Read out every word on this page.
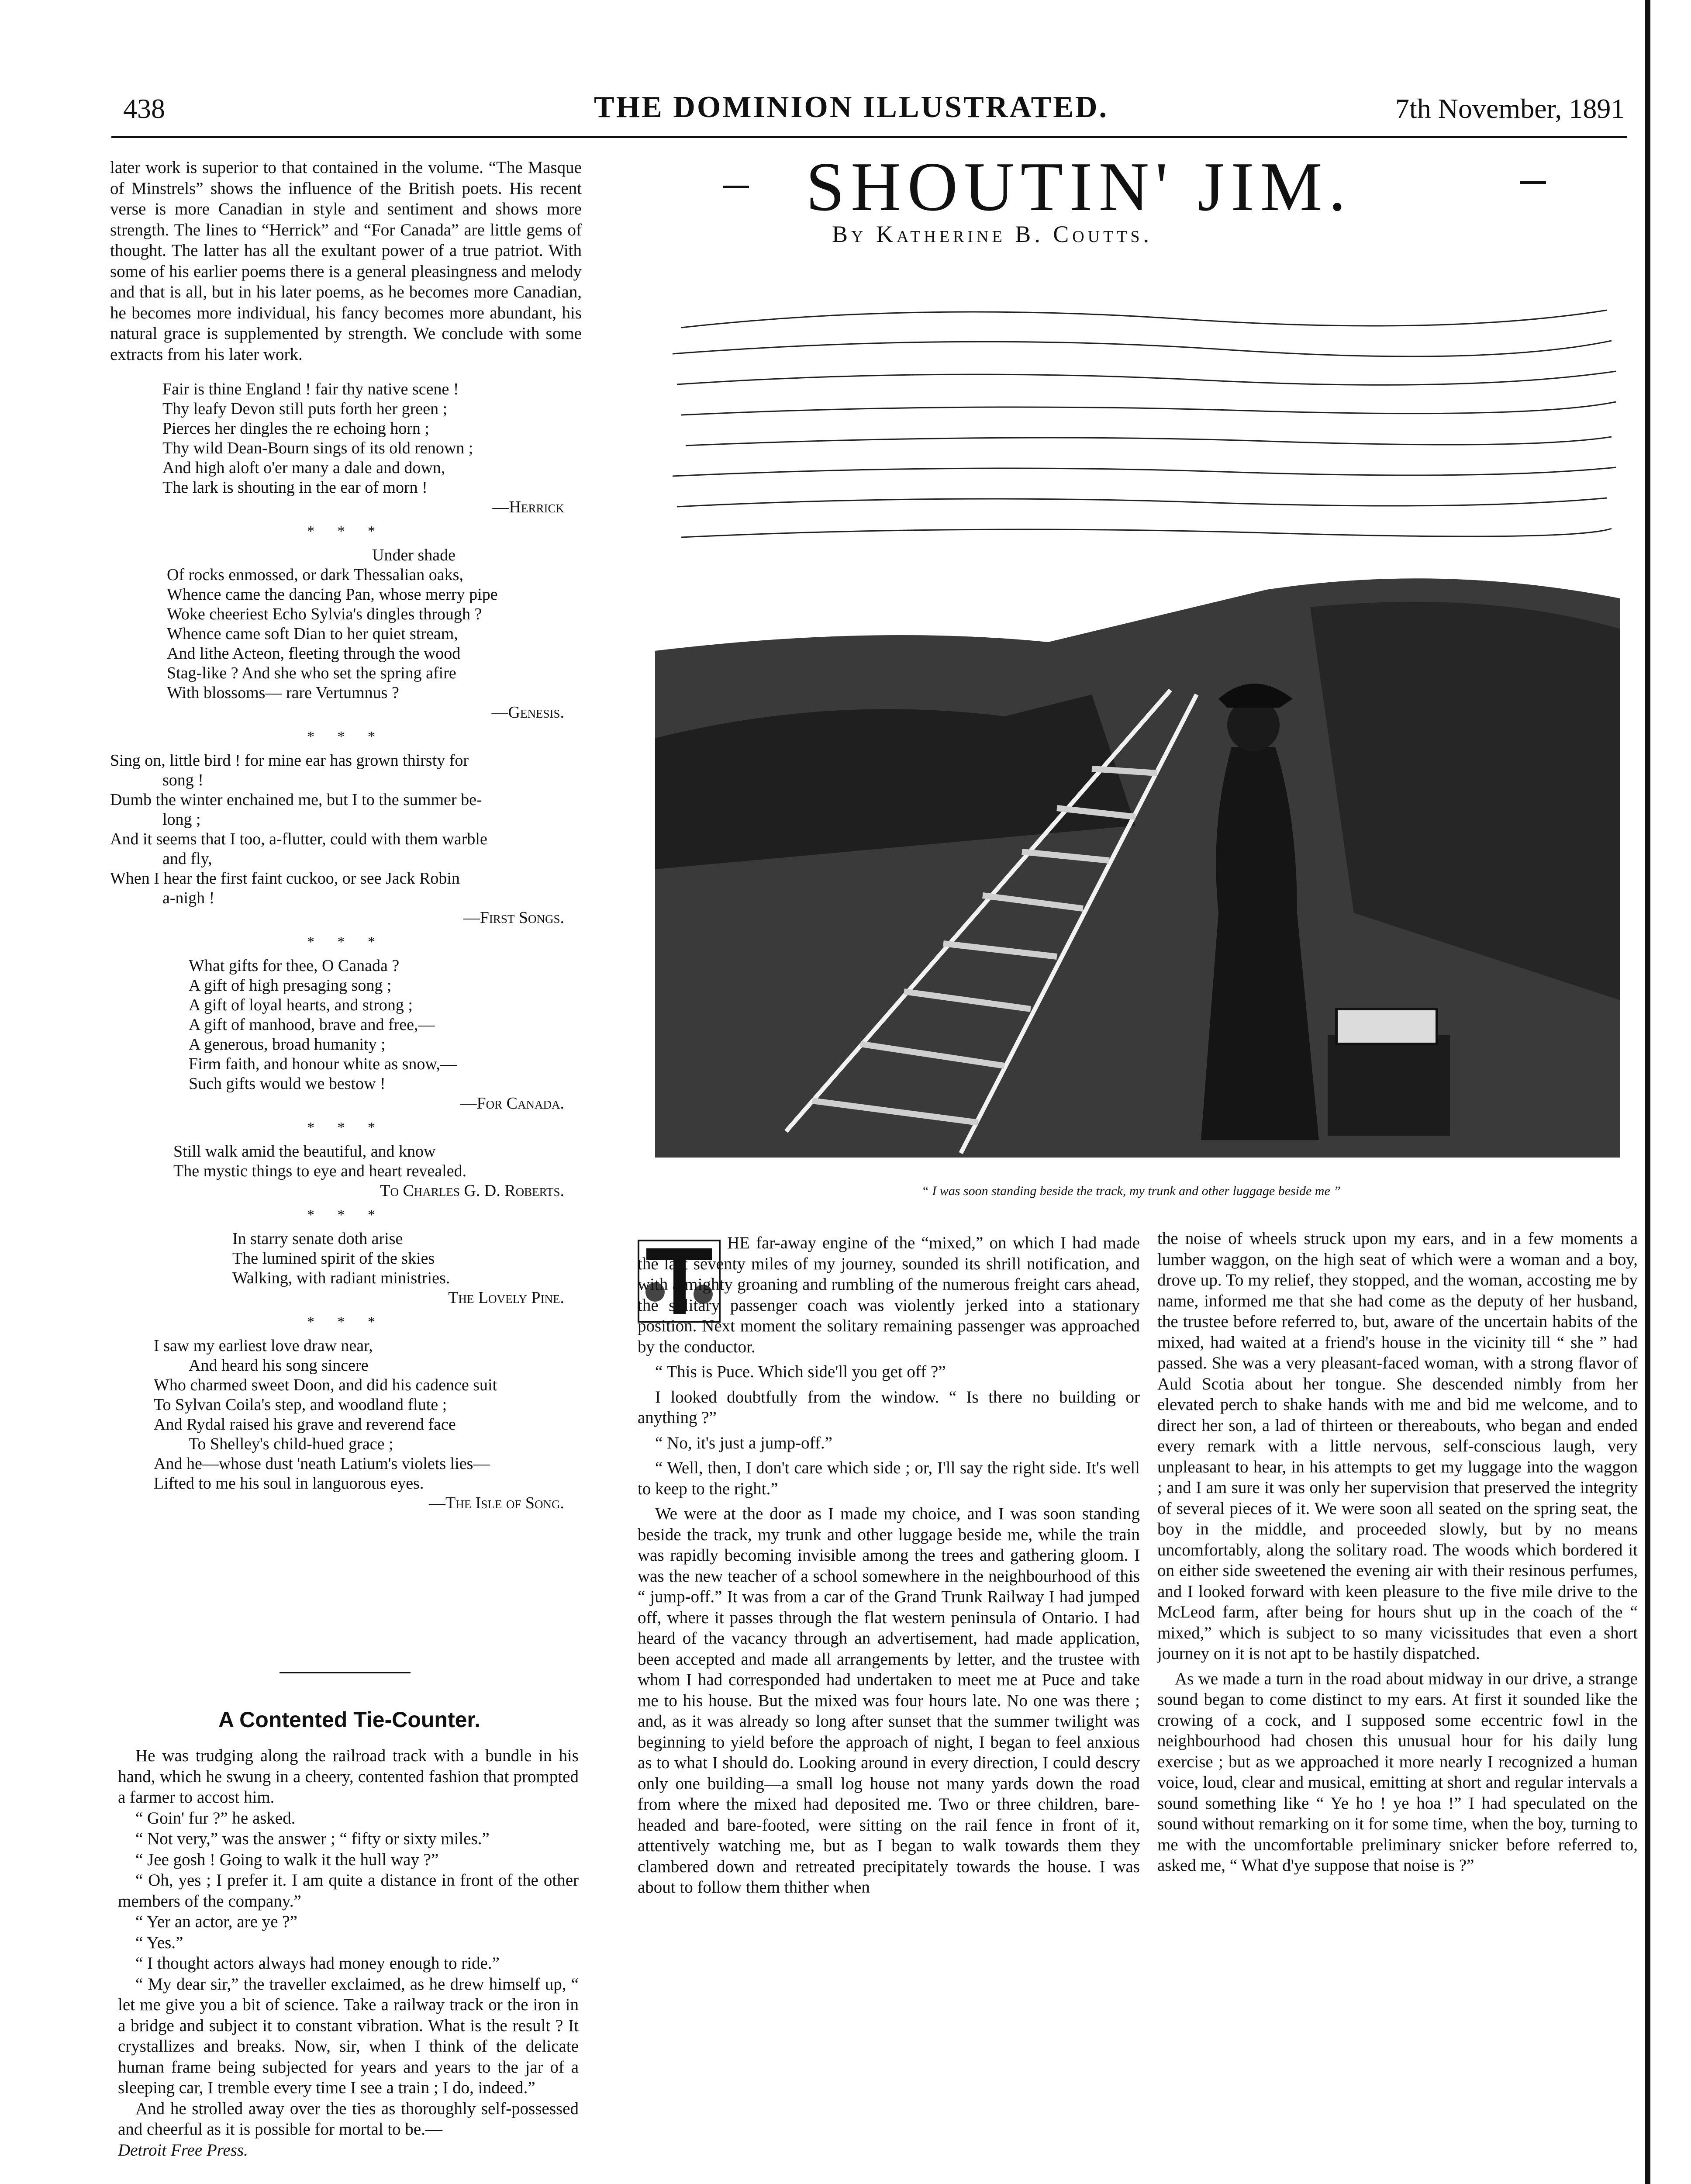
438	THE DOMINION ILLUSTRATED.	7th November, 1891

later work is superior to that contained in the volume. “The Masque of Minstrels” shows the influence of the British poets. His recent verse is more Canadian in style and sentiment and shows more strength. The lines to “Herrick” and “For Canada” are little gems of thought. The latter has all the exultant power of a true patriot. With some of his earlier poems there is a general pleasingness and melody and that is all, but in his later poems, as he becomes more Canadian, he becomes more individual, his fancy becomes more abundant, his natural grace is supplemented by strength. We conclude with some extracts from his later work.

Fair is thine England ! fair thy native scene !
Thy leafy Devon still puts forth her green ;
Pierces her dingles the re echoing horn ;
Thy wild Dean-Bourn sings of its old renown ;
And high aloft o'er many a dale and down,
The lark is shouting in the ear of morn !
—Herrick
* * *
Under shade
Of rocks enmossed, or dark Thessalian oaks,
Whence came the dancing Pan, whose merry pipe
Woke cheeriest Echo Sylvia's dingles through ?
Whence came soft Dian to her quiet stream,
And lithe Acteon, fleeting through the wood
Stag-like ? And she who set the spring afire
With blossoms— rare Vertumnus ?
—Genesis.
* * *
Sing on, little bird ! for mine ear has grown thirsty for
song !
Dumb the winter enchained me, but I to the summer be-
long ;
And it seems that I too, a-flutter, could with them warble
and fly,
When I hear the first faint cuckoo, or see Jack Robin
a-nigh !
—First Songs.
* * *
What gifts for thee, O Canada ?
A gift of high presaging song ;
A gift of loyal hearts, and strong ;
A gift of manhood, brave and free,—
A generous, broad humanity ;
Firm faith, and honour white as snow,—
Such gifts would we bestow !
—For Canada.
* * *
Still walk amid the beautiful, and know
The mystic things to eye and heart revealed.
To Charles G. D. Roberts.
* * *
In starry senate doth arise
The lumined spirit of the skies
Walking, with radiant ministries.
The Lovely Pine.
* * *
I saw my earliest love draw near,
And heard his song sincere
Who charmed sweet Doon, and did his cadence suit
To Sylvan Coila's step, and woodland flute ;
And Rydal raised his grave and reverend face
To Shelley's child-hued grace ;
And he—whose dust 'neath Latium's violets lies—
Lifted to me his soul in languorous eyes.
—The Isle of Song.
A Contented Tie-Counter.

He was trudging along the railroad track with a bundle in his hand, which he swung in a cheery, contented fashion that prompted a farmer to accost him.

“ Goin' fur ?” he asked.

“ Not very,” was the answer ; “ fifty or sixty miles.”

“ Jee gosh ! Going to walk it the hull way ?”

“ Oh, yes ; I prefer it. I am quite a distance in front of the other members of the company.”

“ Yer an actor, are ye ?”

“ Yes.”

“ I thought actors always had money enough to ride.”

“ My dear sir,” the traveller exclaimed, as he drew himself up, “ let me give you a bit of science. Take a railway track or the iron in a bridge and subject it to constant vibration. What is the result ? It crystallizes and breaks. Now, sir, when I think of the delicate human frame being subjected for years and years to the jar of a sleeping car, I tremble every time I see a train ; I do, indeed.”

And he strolled away over the ties as thoroughly self-possessed and cheerful as it is possible for mortal to be.—

Detroit Free Press.

SHOUTIN' JIM.
By Katherine B. Coutts.
“ I was soon standing beside the track, my trunk and other luggage beside me ”

HE far-away engine of the “mixed,” on which I had made the last seventy miles of my journey, sounded its shrill notification, and with a mighty groaning and rumbling of the numerous freight cars ahead, the solitary passenger coach was violently jerked into a stationary position. Next moment the solitary remaining passenger was approached by the conductor.

“ This is Puce. Which side'll you get off ?”

I looked doubtfully from the window. “ Is there no building or anything ?”

“ No, it's just a jump-off.”

“ Well, then, I don't care which side ; or, I'll say the right side. It's well to keep to the right.”

We were at the door as I made my choice, and I was soon standing beside the track, my trunk and other luggage beside me, while the train was rapidly becoming invisible among the trees and gathering gloom. I was the new teacher of a school somewhere in the neighbourhood of this “ jump-off.” It was from a car of the Grand Trunk Railway I had jumped off, where it passes through the flat western peninsula of Ontario. I had heard of the vacancy through an advertisement, had made application, been accepted and made all arrangements by letter, and the trustee with whom I had corresponded had undertaken to meet me at Puce and take me to his house. But the mixed was four hours late. No one was there ; and, as it was already so long after sunset that the summer twilight was beginning to yield before the approach of night, I began to feel anxious as to what I should do. Looking around in every direction, I could descry only one building—a small log house not many yards down the road from where the mixed had deposited me. Two or three children, bare-headed and bare-footed, were sitting on the rail fence in front of it, attentively watching me, but as I began to walk towards them they clambered down and retreated precipitately towards the house. I was about to follow them thither when

the noise of wheels struck upon my ears, and in a few moments a lumber waggon, on the high seat of which were a woman and a boy, drove up. To my relief, they stopped, and the woman, accosting me by name, informed me that she had come as the deputy of her husband, the trustee before referred to, but, aware of the uncertain habits of the mixed, had waited at a friend's house in the vicinity till “ she ” had passed. She was a very pleasant-faced woman, with a strong flavor of Auld Scotia about her tongue. She descended nimbly from her elevated perch to shake hands with me and bid me welcome, and to direct her son, a lad of thirteen or thereabouts, who began and ended every remark with a little nervous, self-conscious laugh, very unpleasant to hear, in his attempts to get my luggage into the waggon ; and I am sure it was only her supervision that preserved the integrity of several pieces of it. We were soon all seated on the spring seat, the boy in the middle, and proceeded slowly, but by no means uncomfortably, along the solitary road. The woods which bordered it on either side sweetened the evening air with their resinous perfumes, and I looked forward with keen pleasure to the five mile drive to the McLeod farm, after being for hours shut up in the coach of the “ mixed,” which is subject to so many vicissitudes that even a short journey on it is not apt to be hastily dispatched.

As we made a turn in the road about midway in our drive, a strange sound began to come distinct to my ears. At first it sounded like the crowing of a cock, and I supposed some eccentric fowl in the neighbourhood had chosen this unusual hour for his daily lung exercise ; but as we approached it more nearly I recognized a human voice, loud, clear and musical, emitting at short and regular intervals a sound something like “ Ye ho ! ye hoa !” I had speculated on the sound without remarking on it for some time, when the boy, turning to me with the uncomfortable preliminary snicker before referred to, asked me, “ What d'ye suppose that noise is ?”
